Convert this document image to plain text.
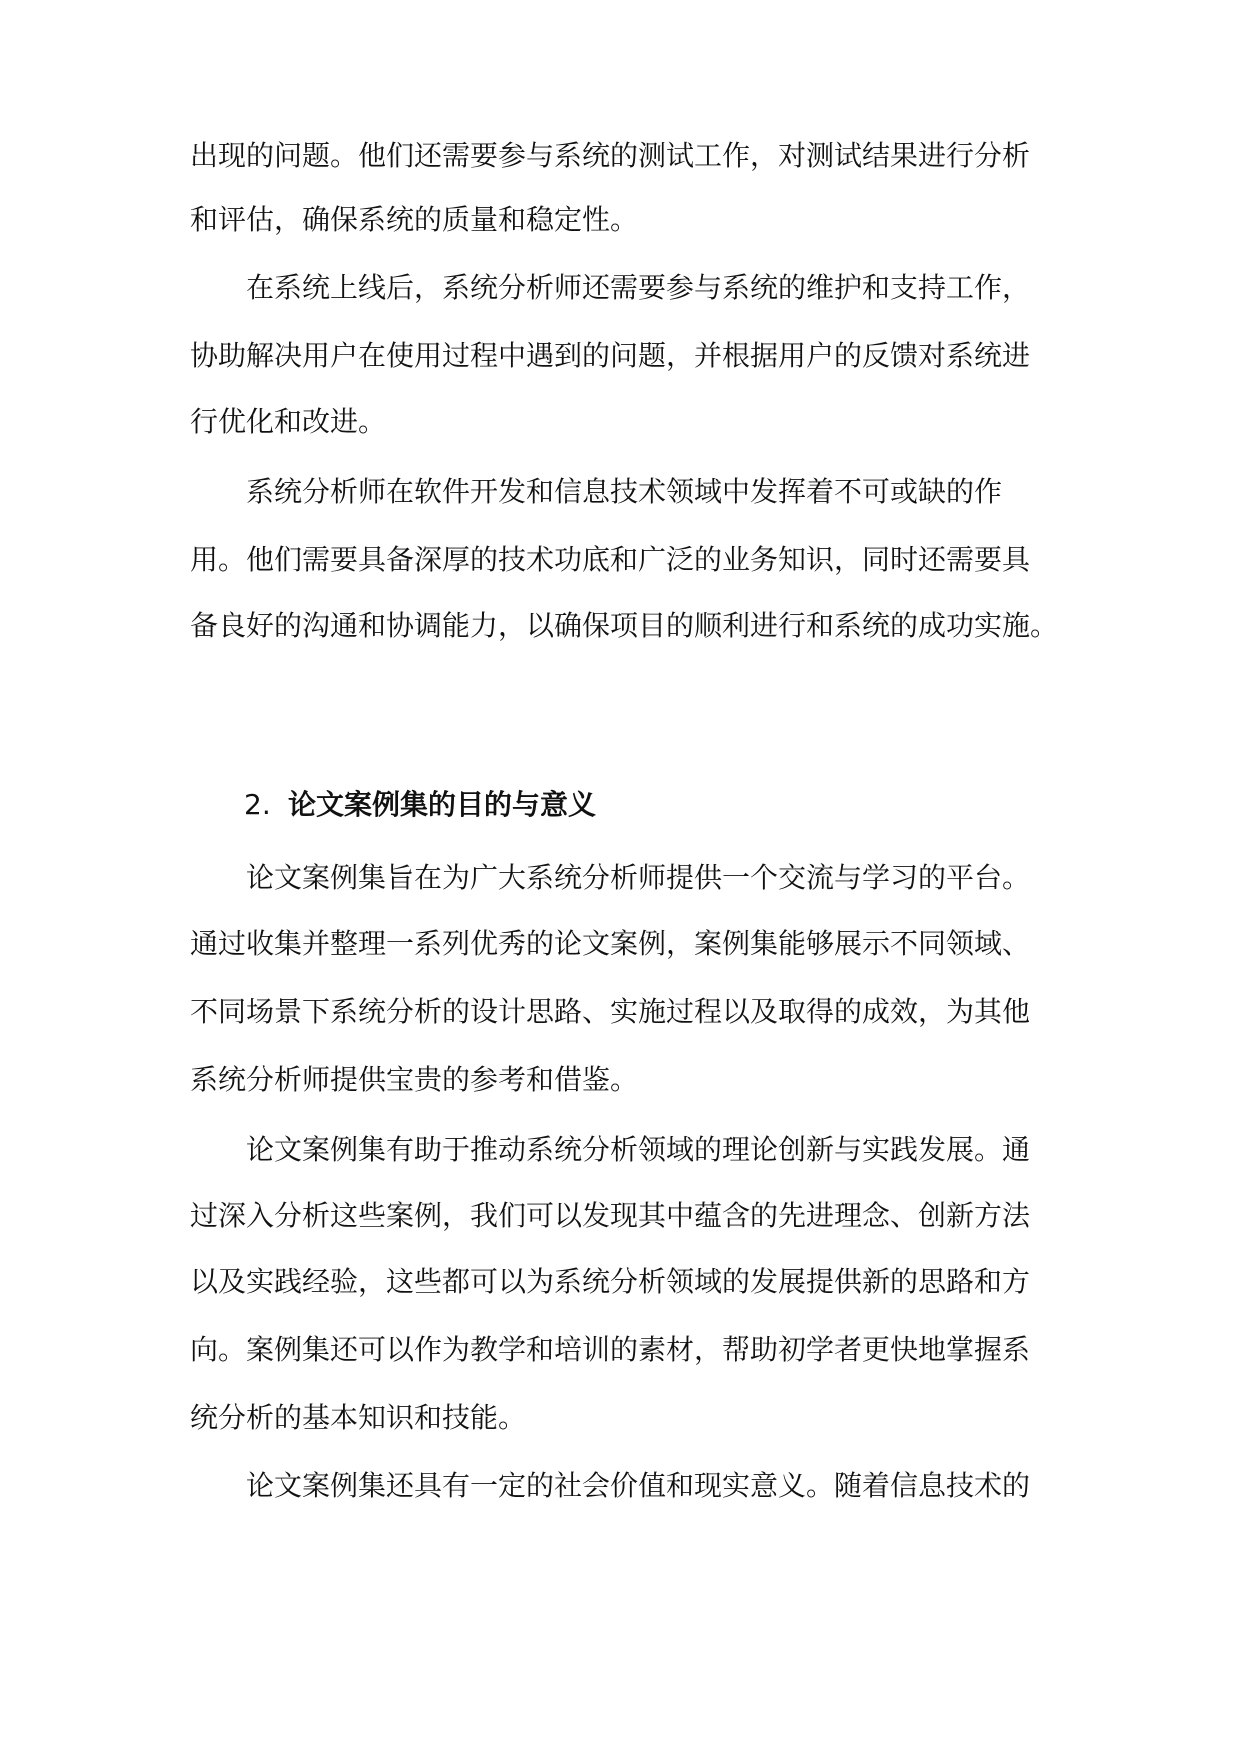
出现的问题。他们还需要参与系统的测试工作，对测试结果进行分析

和评估，确保系统的质量和稳定性。

在系统上线后，系统分析师还需要参与系统的维护和支持工作，

协助解决用户在使用过程中遇到的问题，并根据用户的反馈对系统进

行优化和改进。

系统分析师在软件开发和信息技术领域中发挥着不可或缺的作

用。他们需要具备深厚的技术功底和广泛的业务知识，同时还需要具

备良好的沟通和协调能力，以确保项目的顺利进行和系统的成功实施。

2. 论文案例集的目的与意义

论文案例集旨在为广大系统分析师提供一个交流与学习的平台。

通过收集并整理一系列优秀的论文案例，案例集能够展示不同领域、

不同场景下系统分析的设计思路、实施过程以及取得的成效，为其他

系统分析师提供宝贵的参考和借鉴。

论文案例集有助于推动系统分析领域的理论创新与实践发展。通

过深入分析这些案例，我们可以发现其中蕴含的先进理念、创新方法

以及实践经验，这些都可以为系统分析领域的发展提供新的思路和方

向。案例集还可以作为教学和培训的素材，帮助初学者更快地掌握系

统分析的基本知识和技能。

论文案例集还具有一定的社会价值和现实意义。随着信息技术的
